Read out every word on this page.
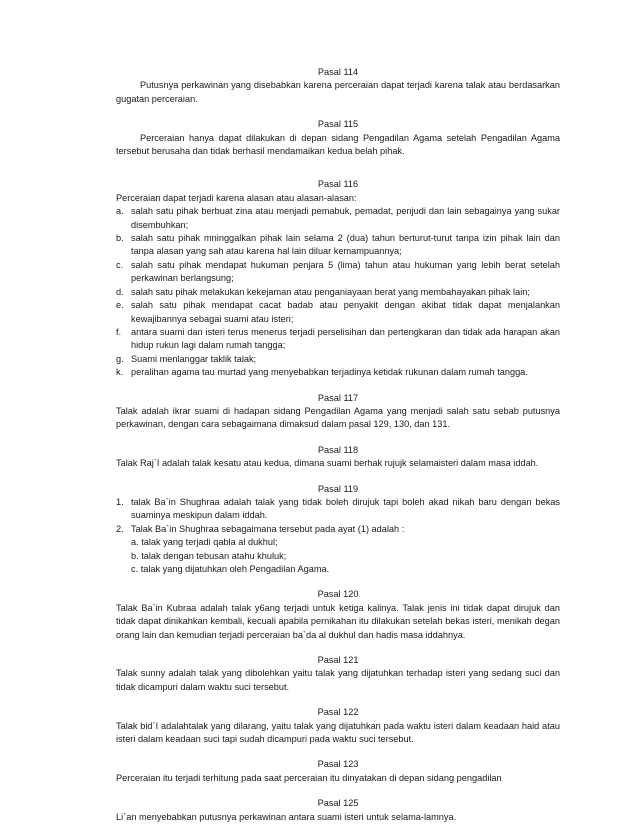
Pasal 114

Putusnya perkawinan yang disebabkan karena perceraian dapat terjadi karena talak atau berdasarkan gugatan perceraian.

Pasal 115

Perceraian hanya dapat dilakukan di depan sidang Pengadilan Agama setelah Pengadilan Agama tersebut berusaha dan tidak berhasil mendamaikan kedua belah pihak.

Pasal 116

Perceraian dapat terjadi karena alasan atau alasan-alasan:

a. salah satu pihak berbuat zina atau menjadi pemabuk, pemadat, penjudi dan lain sebagainya yang sukar disembuhkan;
b. salah satu pihak mninggalkan pihak lain selama 2 (dua) tahun berturut-turut tanpa izin pihak lain dan tanpa alasan yang sah atau karena hal lain diluar kemampuannya;
c. salah satu pihak mendapat hukuman penjara 5 (lima) tahun atau hukuman yang lebih berat setelah perkawinan berlangsung;
d. salah satu pihak melakukan kekejaman atau penganiayaan berat yang membahayakan pihak lain;
e. salah satu pihak mendapat cacat badab atau penyakit dengan akibat tidak dapat menjalankan kewajibannya sebagai suami atau isteri;
f.	antara suami dan isteri terus menerus terjadi perselisihan dan pertengkaran dan tidak ada harapan akan hidup rukun lagi dalam rumah tangga;
g. Suami menlanggar taklik talak;
k. peralihan agama tau murtad yang menyebabkan terjadinya ketidak rukunan dalam rumah tangga.

Pasal 117

Talak adalah ikrar suami di hadapan sidang Pengadilan Agama yang menjadi salah satu sebab putusnya perkawinan, dengan cara sebagaimana dimaksud dalam pasal 129, 130, dan 131.

Pasal 118

Talak Raj`I adalah talak kesatu atau kedua, dimana suami berhak rujujk selamaisteri dalam masa iddah.

Pasal 119

1. talak Ba`in Shughraa adalah talak yang tidak boleh dirujuk tapi boleh akad nikah baru dengan bekas suaminya meskipun dalam iddah.
2. Talak Ba`in Shughraa sebagaimana tersebut pada ayat (1) adalah :

a. talak yang terjadi qabla al dukhul;

b. talak dengan tebusan atahu khuluk;

c. talak yang dijatuhkan oleh Pengadilan Agama.

Pasal 120

Talak Ba`in Kubraa adalah talak y6ang terjadi untuk ketiga kalinya. Talak jenis ini tidak dapat dirujuk dan tidak dapat dinikahkan kembali, kecuali apabila pernikahan itu dilakukan setelah bekas isteri, menikah degan orang lain dan kemudian terjadi perceraian ba`da al dukhul dan hadis masa iddahnya.

Pasal 121

Talak sunny adalah talak yang dibolehkan yaitu talak yang dijatuhkan terhadap isteri yang sedang suci dan tidak dicampuri dalam waktu suci tersebut.

Pasal 122

Talak bid`I adalahtalak yang dilarang, yaitu talak yang dijatuhkan pada waktu isteri dalam keadaan haid atau isteri dalam keadaan suci tapi sudah dicampuri pada waktu suci tersebut.

Pasal 123

Perceraian itu terjadi terhitung pada saat perceraian itu dinyatakan di depan sidang pengadilan

Pasal 125

Li`an menyebabkan putusnya perkawinan antara suami isteri untuk selama-lamnya.
